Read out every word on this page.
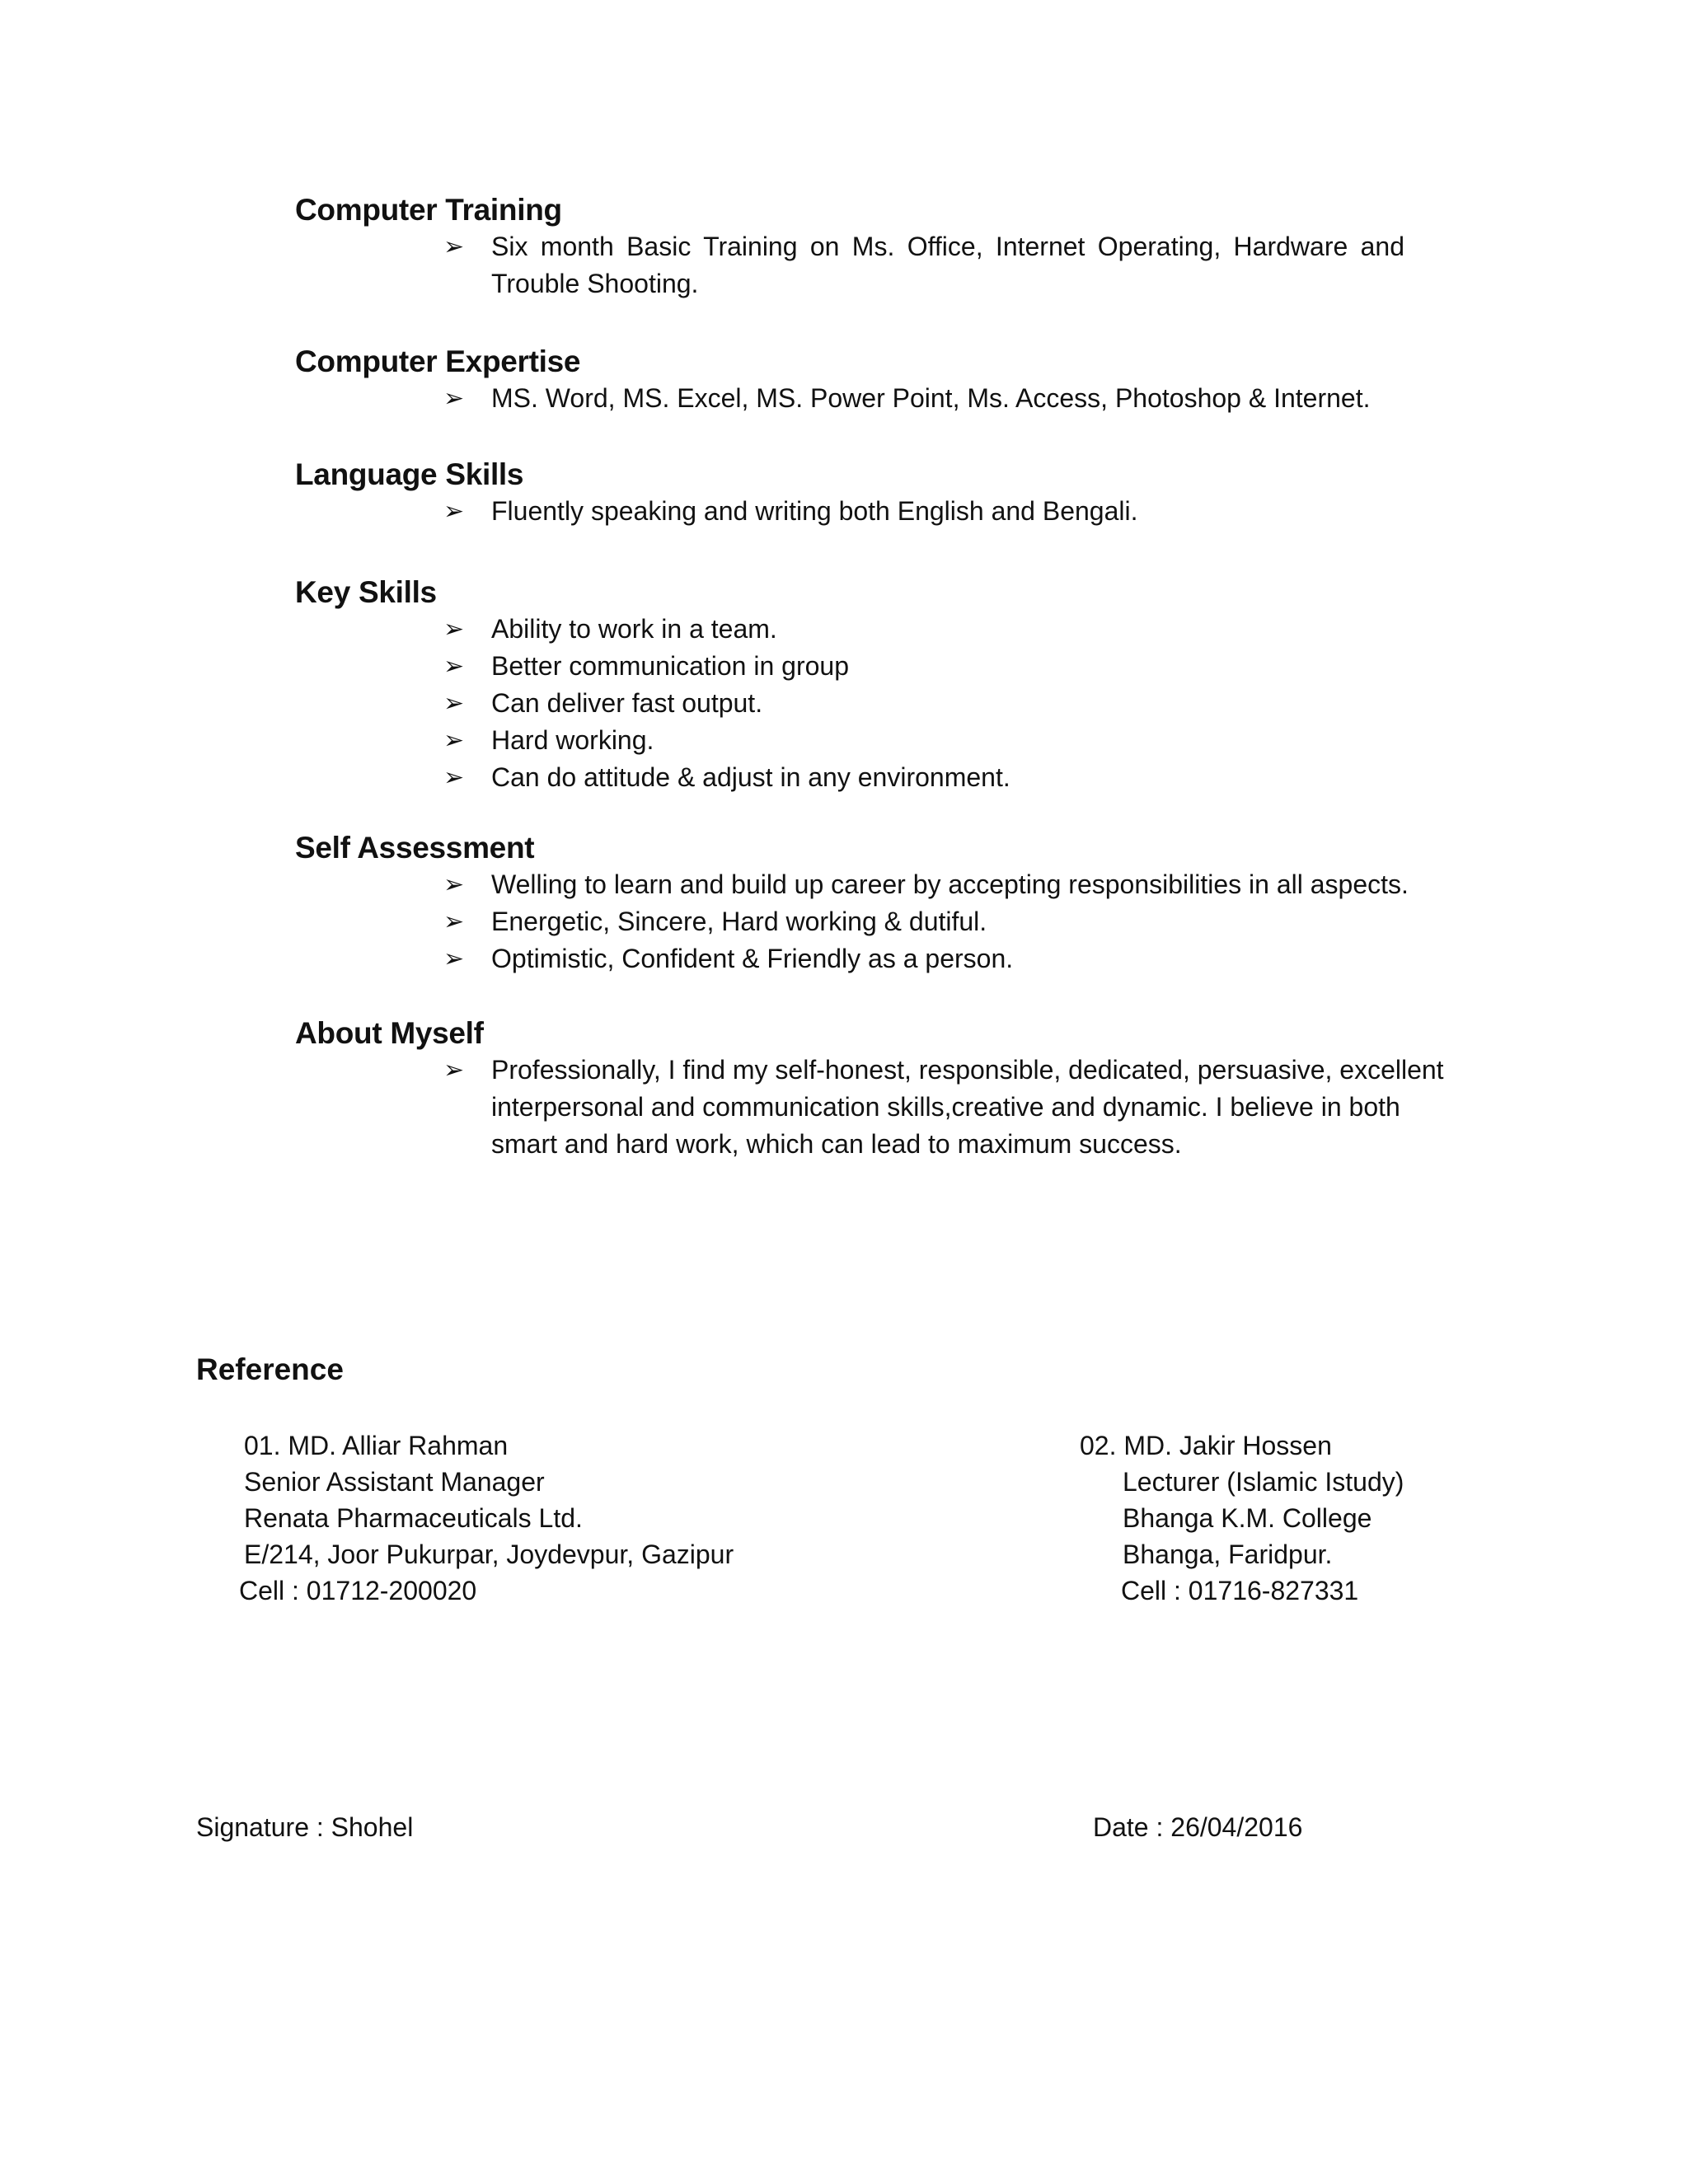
Computer Training
➢ Six month Basic Training on Ms. Office, Internet Operating, Hardware and Trouble Shooting.
Computer Expertise
➢ MS. Word, MS. Excel, MS. Power Point, Ms. Access, Photoshop & Internet.
Language Skills
➢ Fluently speaking and writing both English and Bengali.
Key Skills
➢ Ability to work in a team.
➢ Better communication in group
➢ Can deliver fast output.
➢ Hard working.
➢ Can do attitude & adjust in any environment.
Self Assessment
➢ Welling to learn and build up career by accepting responsibilities in all aspects.
➢ Energetic, Sincere, Hard working & dutiful.
➢ Optimistic, Confident & Friendly as a person.
About Myself
➢ Professionally, I find my self-honest, responsible, dedicated, persuasive, excellent interpersonal and communication skills,creative and dynamic. I believe in both smart and hard work, which can lead to maximum success.
Reference
01. MD. Alliar Rahman
Senior Assistant Manager
Renata Pharmaceuticals Ltd.
E/214, Joor Pukurpar, Joydevpur, Gazipur
Cell : 01712-200020
02. MD. Jakir Hossen
Lecturer (Islamic Istudy)
Bhanga K.M. College
Bhanga, Faridpur.
Cell : 01716-827331
Signature : Shohel	Date : 26/04/2016
